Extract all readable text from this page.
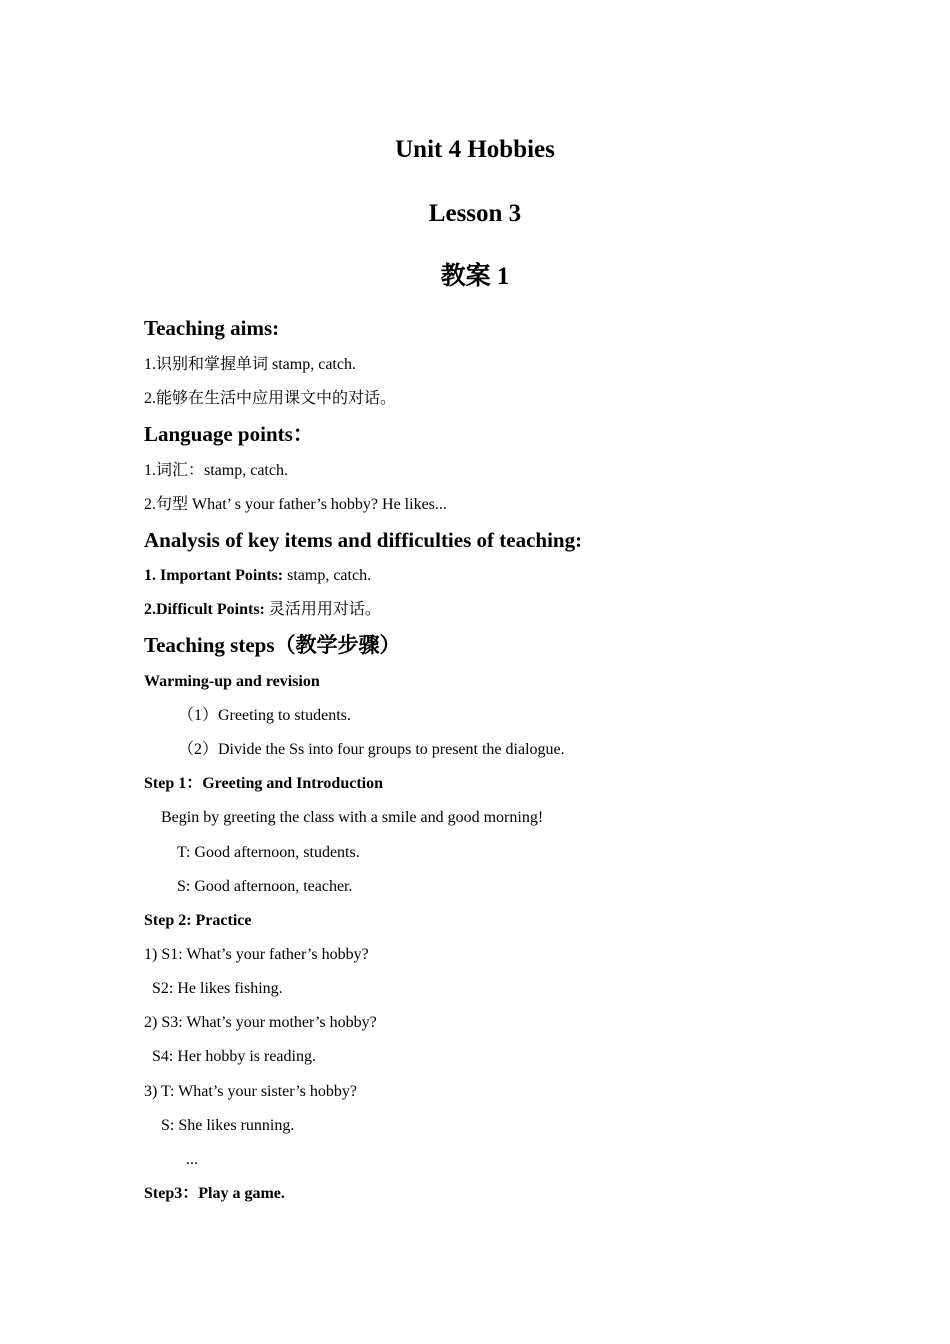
Unit 4 Hobbies
Lesson 3
教案 1
Teaching aims:
1.识别和掌握单词 stamp, catch.
2.能够在生活中应用课文中的对话。
Language points：
1.词汇：stamp, catch.
2.句型 What’ s your father’s hobby? He likes...
Analysis of key items and difficulties of teaching:
1. Important Points: stamp, catch.
2.Difficult Points: 灵活用用对话。
Teaching steps（教学步骤）
Warming-up and revision
（1）Greeting to students.
（2）Divide the Ss into four groups to present the dialogue.
Step 1：Greeting and Introduction
Begin by greeting the class with a smile and good morning!
T: Good afternoon, students.
S: Good afternoon, teacher.
Step 2: Practice
1) S1: What’s your father’s hobby?
S2: He likes fishing.
2) S3: What’s your mother’s hobby?
S4: Her hobby is reading.
3) T: What’s your sister’s hobby?
S: She likes running.
...
Step3：Play a game.
